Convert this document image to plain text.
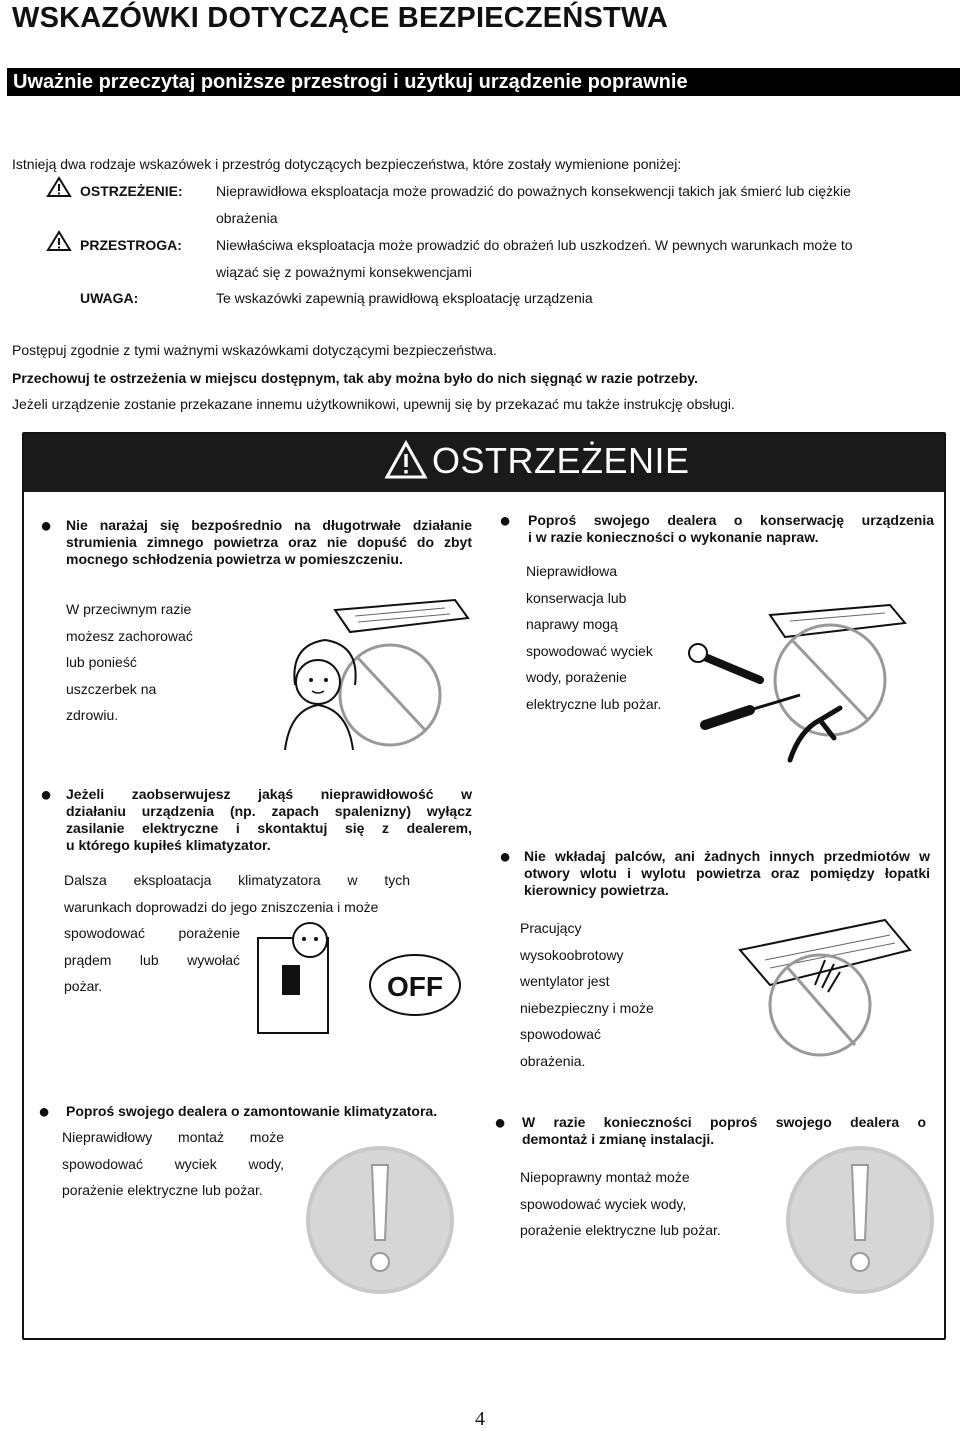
WSKAZÓWKI DOTYCZĄCE BEZPIECZEŃSTWA
Uważnie przeczytaj poniższe przestrogi i użytkuj urządzenie poprawnie
Istnieją dwa rodzaje wskazówek i przestróg dotyczących bezpieczeństwa, które zostały wymienione poniżej:
OSTRZEŻENIE: Nieprawidłowa eksploatacja może prowadzić do poważnych konsekwencji takich jak śmierć lub ciężkie
obrażenia
PRZESTROGA: Niewłaściwa eksploatacja może prowadzić do obrażeń lub uszkodzeń. W pewnych warunkach może to
wiązać się z poważnymi konsekwencjami
UWAGA:	Te wskazówki zapewnią prawidłową eksploatację urządzenia
Postępuj zgodnie z tymi ważnymi wskazówkami dotyczącymi bezpieczeństwa.
Przechowuj te ostrzeżenia w miejscu dostępnym, tak aby można było do nich sięgnąć w razie potrzeby.
Jeżeli urządzenie zostanie przekazane innemu użytkownikowi, upewnij się by przekazać mu także instrukcję obsługi.
OSTRZEŻENIE
● Nie narażaj się bezpośrednio na długotrwałe działanie
strumienia zimnego powietrza oraz nie dopuść do zbyt
mocnego schłodzenia powietrza w pomieszczeniu.
W przeciwnym razie
możesz zachorować
lub ponieść
uszczerbek na
zdrowiu.
● Poproś swojego dealera o konserwację urządzenia
i w razie konieczności o wykonanie napraw.
Nieprawidłowa
konserwacja lub
naprawy mogą
spowodować wyciek
wody, porażenie
elektryczne lub pożar.
● Jeżeli zaobserwujesz jakąś nieprawidłowość w
działaniu urządzenia (np. zapach spalenizny) wyłącz
zasilanie elektryczne i skontaktuj się z dealerem,
u którego kupiłeś klimatyzator.
Dalsza eksploatacja klimatyzatora w tych
warunkach doprowadzi do jego zniszczenia i może
spowodować porażenie
prądem lub wywołać
pożar.	OFF
● Nie wkładaj palców, ani żadnych innych przedmiotów w
otwory wlotu i wylotu powietrza oraz pomiędzy łopatki
kierownicy powietrza.
Pracujący
wysokoobrotowy
wentylator jest
niebezpieczny i może
spowodować
obrażenia.
● Poproś swojego dealera o zamontowanie klimatyzatora.
Nieprawidłowy montaż może
spowodować wyciek wody,
porażenie elektryczne lub pożar.
● W razie konieczności poproś swojego dealera o
demontaż i zmianę instalacji.
Niepoprawny montaż może
spowodować wyciek wody,
porażenie elektryczne lub pożar.
4
